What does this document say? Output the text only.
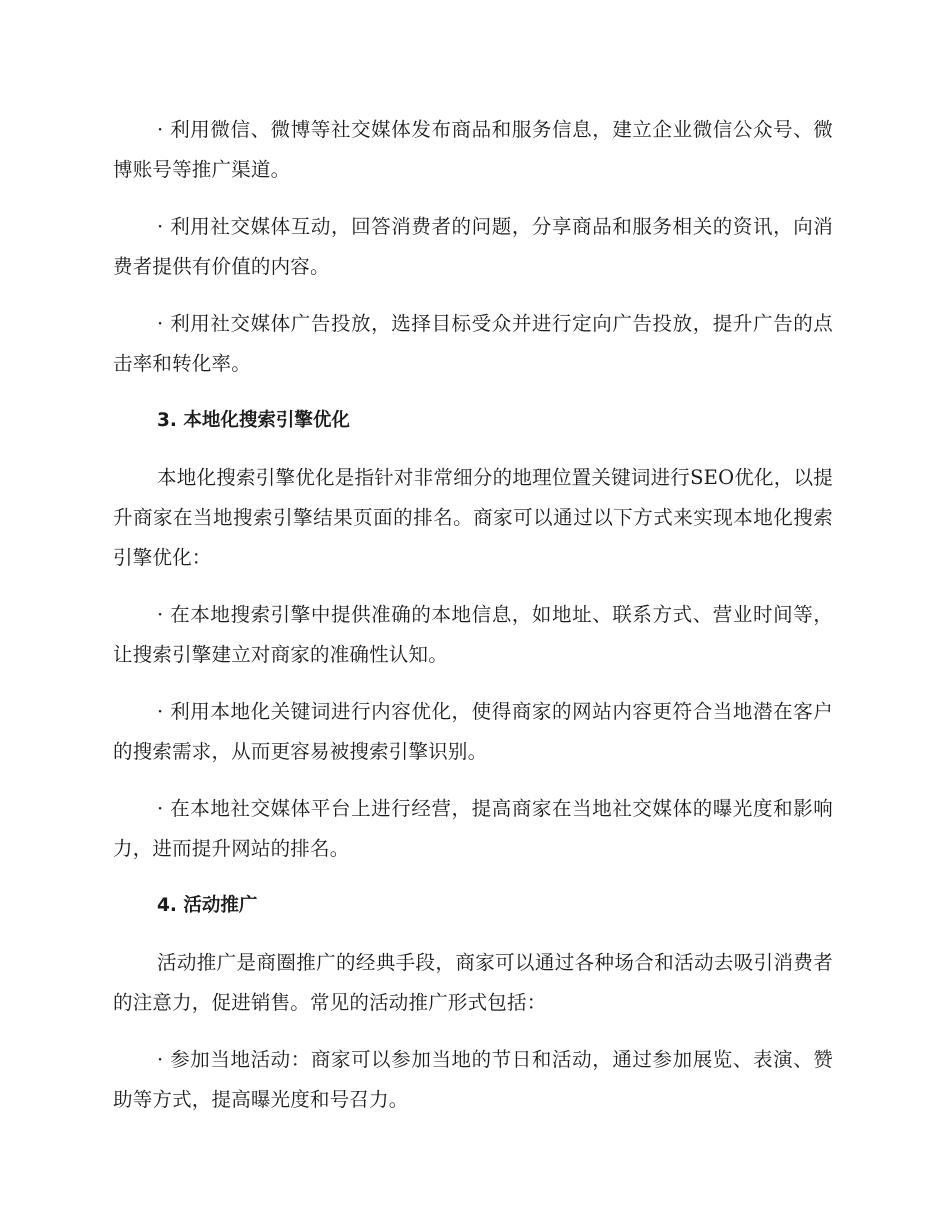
· 利用微信、微博等社交媒体发布商品和服务信息，建立企业微信公众号、微博账号等推广渠道。

· 利用社交媒体互动，回答消费者的问题，分享商品和服务相关的资讯，向消费者提供有价值的内容。

· 利用社交媒体广告投放，选择目标受众并进行定向广告投放，提升广告的点击率和转化率。

3. 本地化搜索引擎优化

本地化搜索引擎优化是指针对非常细分的地理位置关键词进行SEO优化，以提升商家在当地搜索引擎结果页面的排名。商家可以通过以下方式来实现本地化搜索引擎优化：

· 在本地搜索引擎中提供准确的本地信息，如地址、联系方式、营业时间等，让搜索引擎建立对商家的准确性认知。

· 利用本地化关键词进行内容优化，使得商家的网站内容更符合当地潜在客户的搜索需求，从而更容易被搜索引擎识别。

· 在本地社交媒体平台上进行经营，提高商家在当地社交媒体的曝光度和影响力，进而提升网站的排名。

4. 活动推广

活动推广是商圈推广的经典手段，商家可以通过各种场合和活动去吸引消费者的注意力，促进销售。常见的活动推广形式包括：

· 参加当地活动：商家可以参加当地的节日和活动，通过参加展览、表演、赞助等方式，提高曝光度和号召力。
